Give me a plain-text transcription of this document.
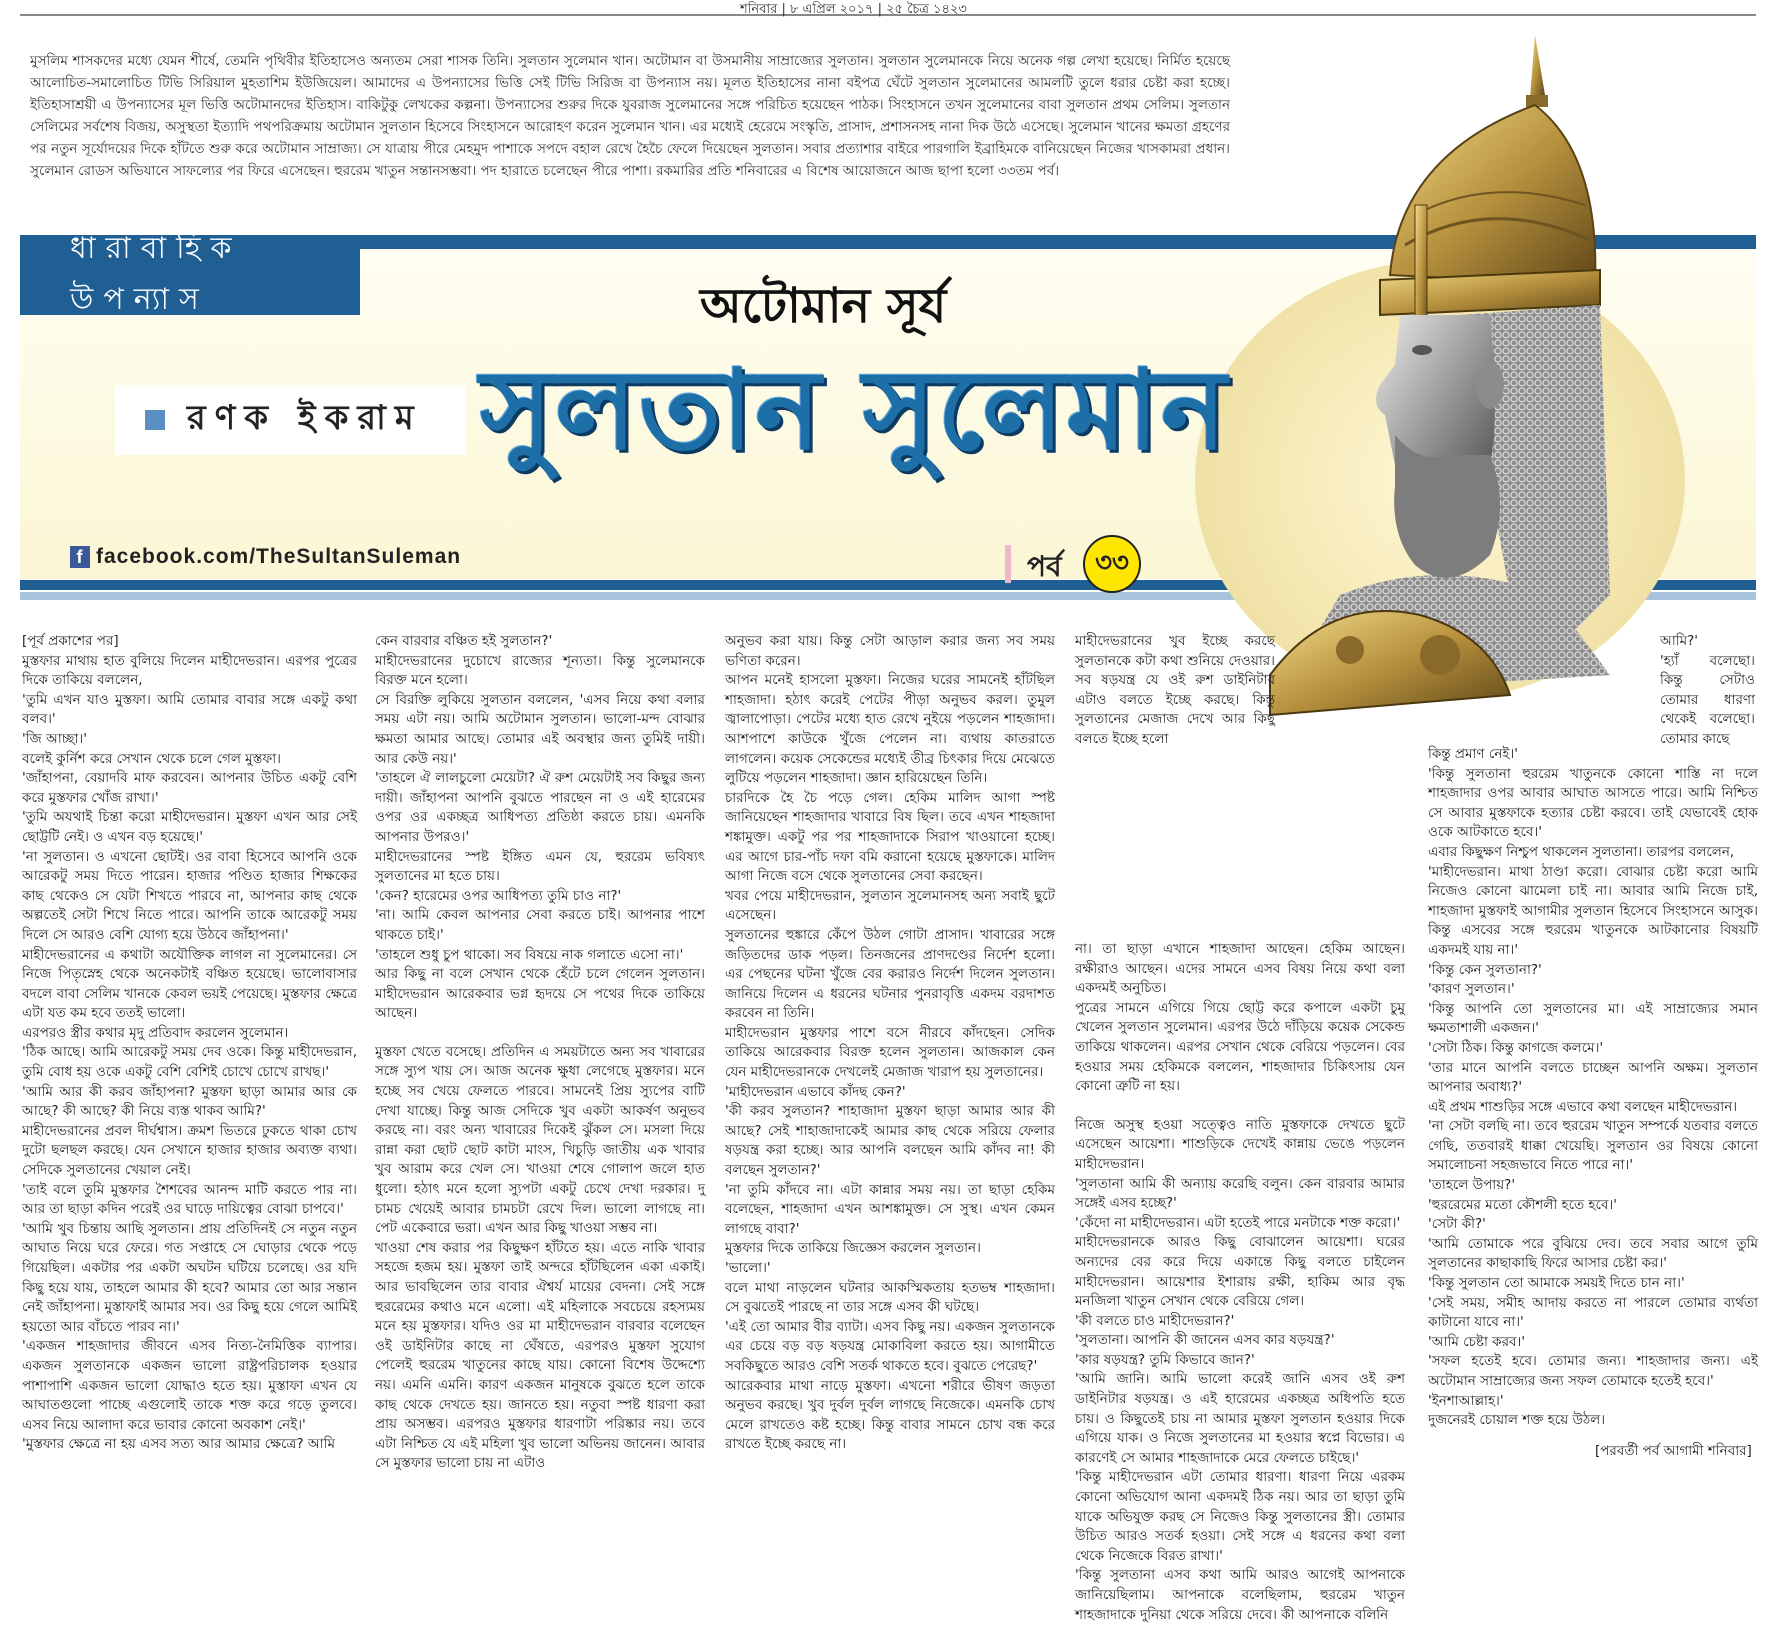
শনিবার | ৮ এপ্রিল ২০১৭ | ২৫ চৈত্র ১৪২৩
মুসলিম শাসকদের মধ্যে যেমন শীর্ষে, তেমনি পৃথিবীর ইতিহাসেও অন্যতম সেরা শাসক তিনি। সুলতান সুলেমান খান। অটোমান বা উসমানীয় সাম্রাজ্যের সুলতান। সুলতান সুলেমানকে নিয়ে অনেক গল্প লেখা হয়েছে। নির্মিত হয়েছে আলোচিত-সমালোচিত টিভি সিরিয়াল মুহতাশিম ইউজিয়েল। আমাদের এ উপন্যাসের ভিত্তি সেই টিভি সিরিজ বা উপন্যাস নয়। মূলত ইতিহাসের নানা বইপত্র ঘেঁটে সুলতান সুলেমানের আমলটি তুলে ধরার চেষ্টা করা হচ্ছে। ইতিহাসাশ্রয়ী এ উপন্যাসের মূল ভিত্তি অটোমানদের ইতিহাস। বাকিটুকু লেখকের কল্পনা। উপন্যাসের শুরুর দিকে যুবরাজ সুলেমানের সঙ্গে পরিচিত হয়েছেন পাঠক। সিংহাসনে তখন সুলেমানের বাবা সুলতান প্রথম সেলিম। সুলতান সেলিমের সর্বশেষ বিজয়, অসুস্থতা ইত্যাদি পথপরিক্রমায় অটোমান সুলতান হিসেবে সিংহাসনে আরোহণ করেন সুলেমান খান। এর মধ্যেই হেরেমে সংস্কৃতি, প্রাসাদ, প্রশাসনসহ নানা দিক উঠে এসেছে। সুলেমান খানের ক্ষমতা গ্রহণের পর নতুন সূর্যোদয়ের দিকে হাঁটতে শুরু করে অটোমান সাম্রাজ্য। সে যাত্রায় পীরে মেহমুদ পাশাকে সপদে বহাল রেখে হৈচৈ ফেলে দিয়েছেন সুলতান। সবার প্রত্যাশার বাইরে পারগালি ইব্রাহিমকে বানিয়েছেন নিজের খাসকামরা প্রধান। সুলেমান রোডস অভিযানে সাফল্যের পর ফিরে এসেছেন। হুররেম খাতুন সন্তানসম্ভবা। পদ হারাতে চলেছেন পীরে পাশা। রকমারির প্রতি শনিবারের এ বিশেষ আয়োজনে আজ ছাপা হলো ৩৩তম পর্ব।
ধারাবাহিক উপন্যাস	অটোমান সূর্য
সুলতান সুলেমান
রণক ইকরাম
f facebook.com/TheSultanSuleman	পর্ব	৩৩

[পূর্ব প্রকাশের পর]

মুস্তফার মাথায় হাত বুলিয়ে দিলেন মাহীদেভরান। এরপর পুত্রের দিকে তাকিয়ে বললেন,

'তুমি এখন যাও মুস্তফা। আমি তোমার বাবার সঙ্গে একটু কথা বলব।'

'জি আচ্ছা।'

বলেই কুর্নিশ করে সেখান থেকে চলে গেল মুস্তফা।

'জাঁহাপনা, বেয়াদবি মাফ করবেন। আপনার উচিত একটু বেশি করে মুস্তফার খোঁজ রাখা।'

'তুমি অযথাই চিন্তা করো মাহীদেভরান। মুস্তফা এখন আর সেই ছোট্টটি নেই। ও এখন বড় হয়েছে।'

'না সুলতান। ও এখনো ছোটই। ওর বাবা হিসেবে আপনি ওকে আরেকটু সময় দিতে পারেন। হাজার পণ্ডিত হাজার শিক্ষকের কাছ থেকেও সে যেটা শিখতে পারবে না, আপনার কাছ থেকে অল্পতেই সেটা শিখে নিতে পারে। আপনি তাকে আরেকটু সময় দিলে সে আরও বেশি যোগ্য হয়ে উঠবে জাঁহাপনা।'

মাহীদেভরানের এ কথাটা অযৌক্তিক লাগল না সুলেমানের। সে নিজে পিতৃস্নেহ থেকে অনেকটাই বঞ্চিত হয়েছে। ভালোবাসার বদলে বাবা সেলিম খানকে কেবল ভয়ই পেয়েছে। মুস্তফার ক্ষেত্রে এটা যত কম হবে ততই ভালো।

এরপরও স্ত্রীর কথার মৃদু প্রতিবাদ করলেন সুলেমান।

'ঠিক আছে। আমি আরেকটু সময় দেব ওকে। কিন্তু মাহীদেভরান, তুমি বোধ হয় ওকে একটু বেশি বেশিই চোখে চোখে রাখছ।'

'আমি আর কী করব জাঁহাপনা? মুস্তফা ছাড়া আমার আর কে আছে? কী আছে? কী নিয়ে ব্যস্ত থাকব আমি?'

মাহীদেভরানের প্রবল দীর্ঘশ্বাস। ক্রমশ ভিতরে ঢুকতে থাকা চোখ দুটো ছলছল করছে। যেন সেখানে হাজার হাজার অব্যক্ত ব্যথা। সেদিকে সুলতানের খেয়াল নেই।

'তাই বলে তুমি মুস্তফার শৈশবের আনন্দ মাটি করতে পার না। আর তা ছাড়া কদিন পরেই ওর ঘাড়ে দায়িত্বের বোঝা চাপবে।'

'আমি খুব চিন্তায় আছি সুলতান। প্রায় প্রতিদিনই সে নতুন নতুন আঘাত নিয়ে ঘরে ফেরে। গত সপ্তাহে সে ঘোড়ার থেকে পড়ে গিয়েছিল। একটার পর একটা অঘটন ঘটিয়ে চলেছে। ওর যদি কিছু হয়ে যায়, তাহলে আমার কী হবে? আমার তো আর সন্তান নেই জাঁহাপনা। মুস্তাফাই আমার সব। ওর কিছু হয়ে গেলে আমিই হয়তো আর বাঁচতে পারব না।'

'একজন শাহজাদার জীবনে এসব নিত্য-নৈমিত্তিক ব্যাপার। একজন সুলতানকে একজন ভালো রাষ্ট্রপরিচালক হওয়ার পাশাপাশি একজন ভালো যোদ্ধাও হতে হয়। মুস্তাফা এখন যে আঘাতগুলো পাচ্ছে এগুলোই তাকে শক্ত করে গড়ে তুলবে। এসব নিয়ে আলাদা করে ভাবার কোনো অবকাশ নেই।'

'মুস্তফার ক্ষেত্রে না হয় এসব সত্য আর আমার ক্ষেত্রে? আমি

কেন বারবার বঞ্চিত হই সুলতান?'

মাহীদেভরানের দুচোখে রাজ্যের শূন্যতা। কিন্তু সুলেমানকে বিরক্ত মনে হলো।

সে বিরক্তি লুকিয়ে সুলতান বললেন, 'এসব নিয়ে কথা বলার সময় এটা নয়। আমি অটোমান সুলতান। ভালো-মন্দ বোঝার ক্ষমতা আমার আছে। তোমার এই অবস্থার জন্য তুমিই দায়ী। আর কেউ নয়।'

'তাহলে ঐ লালচুলো মেয়েটা? ঐ রুশ মেয়েটাই সব কিছুর জন্য দায়ী। জাঁহাপনা আপনি বুঝতে পারছেন না ও এই হারেমের ওপর ওর একচ্ছত্র আধিপত্য প্রতিষ্ঠা করতে চায়। এমনকি আপনার উপরও।'

মাহীদেভরানের স্পষ্ট ইঙ্গিত এমন যে, হুররেম ভবিষ্যৎ সুলতানের মা হতে চায়।

'কেন? হারেমের ওপর আধিপত্য তুমি চাও না?'

'না। আমি কেবল আপনার সেবা করতে চাই। আপনার পাশে থাকতে চাই।'

'তাহলে শুধু চুপ থাকো। সব বিষয়ে নাক গলাতে এসো না।'

আর কিছু না বলে সেখান থেকে হেঁটে চলে গেলেন সুলতান। মাহীদেভরান আরেকবার ভগ্ন হৃদয়ে সে পথের দিকে তাকিয়ে আছেন।

মুস্তফা খেতে বসেছে। প্রতিদিন এ সময়টাতে অন্য সব খাবারের সঙ্গে স্যুপ খায় সে। আজ অনেক ক্ষুধা লেগেছে মুস্তফার। মনে হচ্ছে সব খেয়ে ফেলতে পারবে। সামনেই প্রিয় স্যুপের বাটি দেখা যাচ্ছে। কিন্তু আজ সেদিকে খুব একটা আকর্ষণ অনুভব করছে না। বরং অন্য খাবারের দিকেই ঝুঁকল সে। মসলা দিয়ে রান্না করা ছোট ছোট কাটা মাংস, খিচুড়ি জাতীয় এক খাবার খুব আরাম করে খেল সে। খাওয়া শেষে গোলাপ জলে হাত ধুলো। হঠাৎ মনে হলো স্যুপটা একটু চেখে দেখা দরকার। দু চামচ খেয়েই আবার চামচটা রেখে দিল। ভালো লাগছে না। পেট একেবারে ভরা। এখন আর কিছু খাওয়া সম্ভব না।

খাওয়া শেষ করার পর কিছুক্ষণ হাঁটতে হয়। এতে নাকি খাবার সহজে হজম হয়। মুস্তফা তাই অন্দরে হাঁটছিলেন একা একাই। আর ভাবছিলেন তার বাবার ঐশ্বর্য মায়ের বেদনা। সেই সঙ্গে হুররেমের কথাও মনে এলো। এই মহিলাকে সবচেয়ে রহস্যময় মনে হয় মুস্তফার। যদিও ওর মা মাহীদেভরান বারবার বলেছেন ওই ডাইনিটার কাছে না ঘেঁষতে, এরপরও মুস্তফা সুযোগ পেলেই হুররেম খাতুনের কাছে যায়। কোনো বিশেষ উদ্দেশ্যে নয়। এমনি এমনি। কারণ একজন মানুষকে বুঝতে হলে তাকে কাছ থেকে দেখতে হয়। জানতে হয়। নতুবা স্পষ্ট ধারণা করা প্রায় অসম্ভব। এরপরও মুস্তফার ধারণাটা পরিষ্কার নয়। তবে এটা নিশ্চিত যে এই মহিলা খুব ভালো অভিনয় জানেন। আবার সে মুস্তফার ভালো চায় না এটাও

অনুভব করা যায়। কিন্তু সেটা আড়াল করার জন্য সব সময় ভণিতা করেন।

আপন মনেই হাসলো মুস্তফা। নিজের ঘরের সামনেই হাঁটছিল শাহজাদা। হঠাৎ করেই পেটের পীড়া অনুভব করল। তুমুল জ্বালাপোড়া। পেটের মধ্যে হাত রেখে নুইয়ে পড়লেন শাহজাদা। আশপাশে কাউকে খুঁজে পেলেন না। ব্যথায় কাতরাতে লাগলেন। কয়েক সেকেন্ডের মধ্যেই তীব্র চিৎকার দিয়ে মেঝেতে লুটিয়ে পড়লেন শাহজাদা। জ্ঞান হারিয়েছেন তিনি।

চারদিকে হৈ চৈ পড়ে গেল। হেকিম মালিদ আগা স্পষ্ট জানিয়েছেন শাহজাদার খাবারে বিষ ছিল। তবে এখন শাহজাদা শঙ্কামুক্ত। একটু পর পর শাহজাদাকে সিরাপ খাওয়ানো হচ্ছে। এর আগে চার-পাঁচ দফা বমি করানো হয়েছে মুস্তফাকে। মালিদ আগা নিজে বসে থেকে সুলতানের সেবা করছেন।

খবর পেয়ে মাহীদেভরান, সুলতান সুলেমানসহ অন্য সবাই ছুটে এসেছেন।

সুলতানের হুঙ্কারে কেঁপে উঠল গোটা প্রাসাদ। খাবারের সঙ্গে জড়িতদের ডাক পড়ল। তিনজনের প্রাণদণ্ডের নির্দেশ হলো। এর পেছনের ঘটনা খুঁজে বের করারও নির্দেশ দিলেন সুলতান। জানিয়ে দিলেন এ ধরনের ঘটনার পুনরাবৃত্তি একদম বরদাশত করবেন না তিনি।

মাহীদেভরান মুস্তফার পাশে বসে নীরবে কাঁদছেন। সেদিক তাকিয়ে আরেকবার বিরক্ত হলেন সুলতান। আজকাল কেন যেন মাহীদেভরানকে দেখলেই মেজাজ খারাপ হয় সুলতানের।

'মাহীদেভরান এভাবে কাঁদছ কেন?'

'কী করব সুলতান? শাহাজাদা মুস্তফা ছাড়া আমার আর কী আছে? সেই শাহাজাদাকেই আমার কাছ থেকে সরিয়ে ফেলার ষড়যন্ত্র করা হচ্ছে। আর আপনি বলছেন আমি কাঁদব না! কী বলছেন সুলতান?'

'না তুমি কাঁদবে না। এটা কান্নার সময় নয়। তা ছাড়া হেকিম বলেছেন, শাহজাদা এখন আশঙ্কামুক্ত। সে সুস্থ। এখন কেমন লাগছে বাবা?'

মুস্তফার দিকে তাকিয়ে জিজ্ঞেস করলেন সুলতান।

'ভালো।'

বলে মাথা নাড়লেন ঘটনার আকস্মিকতায় হতভম্ব শাহজাদা। সে বুঝতেই পারছে না তার সঙ্গে এসব কী ঘটছে।

'এই তো আমার বীর ব্যাটা। এসব কিছু নয়। একজন সুলতানকে এর চেয়ে বড় বড় ষড়যন্ত্র মোকাবিলা করতে হয়। আগামীতে সবকিছুতে আরও বেশি সতর্ক থাকতে হবে। বুঝতে পেরেছ?'

আরেকবার মাথা নাড়ে মুস্তফা। এখনো শরীরে ভীষণ জড়তা অনুভব করছে। খুব দুর্বল দুর্বল লাগছে নিজেকে। এমনকি চোখ মেলে রাখতেও কষ্ট হচ্ছে। কিন্তু বাবার সামনে চোখ বন্ধ করে রাখতে ইচ্ছে করছে না।

মাহীদেভরানের খুব ইচ্ছে করছে সুলতানকে কটা কথা শুনিয়ে দেওয়ার। সব ষড়যন্ত্র যে ওই রুশ ডাইনিটার এটাও বলতে ইচ্ছে করছে। কিন্তু সুলতানের মেজাজ দেখে আর কিছু বলতে ইচ্ছে হলো

না। তা ছাড়া এখানে শাহজাদা আছেন। হেকিম আছেন। রক্ষীরাও আছেন। এদের সামনে এসব বিষয় নিয়ে কথা বলা একদমই অনুচিত।

পুত্রের সামনে এগিয়ে গিয়ে ছোট্ট করে কপালে একটা চুমু খেলেন সুলতান সুলেমান। এরপর উঠে দাঁড়িয়ে কয়েক সেকেন্ড তাকিয়ে থাকলেন। এরপর সেখান থেকে বেরিয়ে পড়লেন। বের হওয়ার সময় হেকিমকে বললেন, শাহজাদার চিকিৎসায় যেন কোনো ত্রুটি না হয়।

নিজে অসুস্থ হওয়া সত্ত্বেও নাতি মুস্তফাকে দেখতে ছুটে এসেছেন আয়েশা। শাশুড়িকে দেখেই কান্নায় ভেঙে পড়লেন মাহীদেভরান।

'সুলতানা আমি কী অন্যায় করেছি বলুন। কেন বারবার আমার সঙ্গেই এসব হচ্ছে?'

'কেঁদো না মাহীদেভরান। এটা হতেই পারে মনটাকে শক্ত করো।'

মাহীদেভরানকে আরও কিছু বোঝালেন আয়েশা। ঘরের অন্যদের বের করে দিয়ে একান্তে কিছু বলতে চাইলেন মাহীদেভরান। আয়েশার ইশারায় রক্ষী, হাকিম আর বৃদ্ধ মনজিলা খাতুন সেখান থেকে বেরিয়ে গেল।

'কী বলতে চাও মাহীদেভরান?'

'সুলতানা। আপনি কী জানেন এসব কার ষড়যন্ত্র?'

'কার ষড়যন্ত্র? তুমি কিভাবে জান?'

'আমি জানি। আমি ভালো করেই জানি এসব ওই রুশ ডাইনিটার ষড়যন্ত্র। ও এই হারেমের একচ্ছত্র অধিপতি হতে চায়। ও কিছুতেই চায় না আমার মুস্তফা সুলতান হওয়ার দিকে এগিয়ে যাক। ও নিজে সুলতানের মা হওয়ার স্বপ্নে বিভোর। এ কারণেই সে আমার শাহজাদাকে মেরে ফেলতে চাইছে।'

'কিন্তু মাহীদেভরান এটা তোমার ধারণা। ধারণা নিয়ে এরকম কোনো অভিযোগ আনা একদমই ঠিক নয়। আর তা ছাড়া তুমি যাকে অভিযুক্ত করছ সে নিজেও কিন্তু সুলতানের স্ত্রী। তোমার উচিত আরও সতর্ক হওয়া। সেই সঙ্গে এ ধরনের কথা বলা থেকে নিজেকে বিরত রাখা।'

'কিন্তু সুলতানা এসব কথা আমি আরও আগেই আপনাকে জানিয়েছিলাম। আপনাকে বলেছিলাম, হুররেম খাতুন শাহজাদাকে দুনিয়া থেকে সরিয়ে দেবে। কী আপনাকে বলিনি

আমি?'

'হ্যাঁ বলেছো। কিন্তু সেটাও তোমার ধারণা থেকেই বলেছো। তোমার কাছে

কিন্তু প্রমাণ নেই।'

'কিন্তু সুলতানা হুররেম খাতুনকে কোনো শাস্তি না দলে শাহজাদার ওপর আবার আঘাত আসতে পারে। আমি নিশ্চিত সে আবার মুস্তফাকে হত্যার চেষ্টা করবে। তাই যেভাবেই হোক ওকে আটকাতে হবে।'

এবার কিছুক্ষণ নিশ্চুপ থাকলেন সুলতানা। তারপর বললেন,

'মাহীদেভরান। মাথা ঠাণ্ডা করো। বোঝার চেষ্টা করো আমি নিজেও কোনো ঝামেলা চাই না। আবার আমি নিজে চাই, শাহজাদা মুস্তফাই আগামীর সুলতান হিসেবে সিংহাসনে আসুক। কিন্তু এসবের সঙ্গে হুররেম খাতুনকে আটকানোর বিষয়টি একদমই যায় না।'

'কিন্তু কেন সুলতানা?'

'কারণ সুলতান।'

'কিন্তু আপনি তো সুলতানের মা। এই সাম্রাজ্যের সমান ক্ষমতাশালী একজন।'

'সেটা ঠিক। কিন্তু কাগজে কলমে।'

'তার মানে আপনি বলতে চাচ্ছেন আপনি অক্ষম। সুলতান আপনার অবাধ্য?'

এই প্রথম শাশুড়ির সঙ্গে এভাবে কথা বলছেন মাহীদেভরান।

'না সেটা বলছি না। তবে হুররেম খাতুন সম্পর্কে যতবার বলতে গেছি, ততবারই ধাক্কা খেয়েছি। সুলতান ওর বিষয়ে কোনো সমালোচনা সহজভাবে নিতে পারে না।'

'তাহলে উপায়?'

'হুররেমের মতো কৌশলী হতে হবে।'

'সেটা কী?'

'আমি তোমাকে পরে বুঝিয়ে দেব। তবে সবার আগে তুমি সুলতানের কাছাকাছি ফিরে আসার চেষ্টা কর।'

'কিন্তু সুলতান তো আমাকে সময়ই দিতে চান না।'

'সেই সময়, সমীহ আদায় করতে না পারলে তোমার ব্যর্থতা কাটানো যাবে না।'

'আমি চেষ্টা করব।'

'সফল হতেই হবে। তোমার জন্য। শাহজাদার জন্য। এই অটোমান সাম্রাজ্যের জন্য সফল তোমাকে হতেই হবে।'

'ইনশাআল্লাহ।'

দুজনেরই চোয়াল শক্ত হয়ে উঠল।

[পরবর্তী পর্ব আগামী শনিবার]
